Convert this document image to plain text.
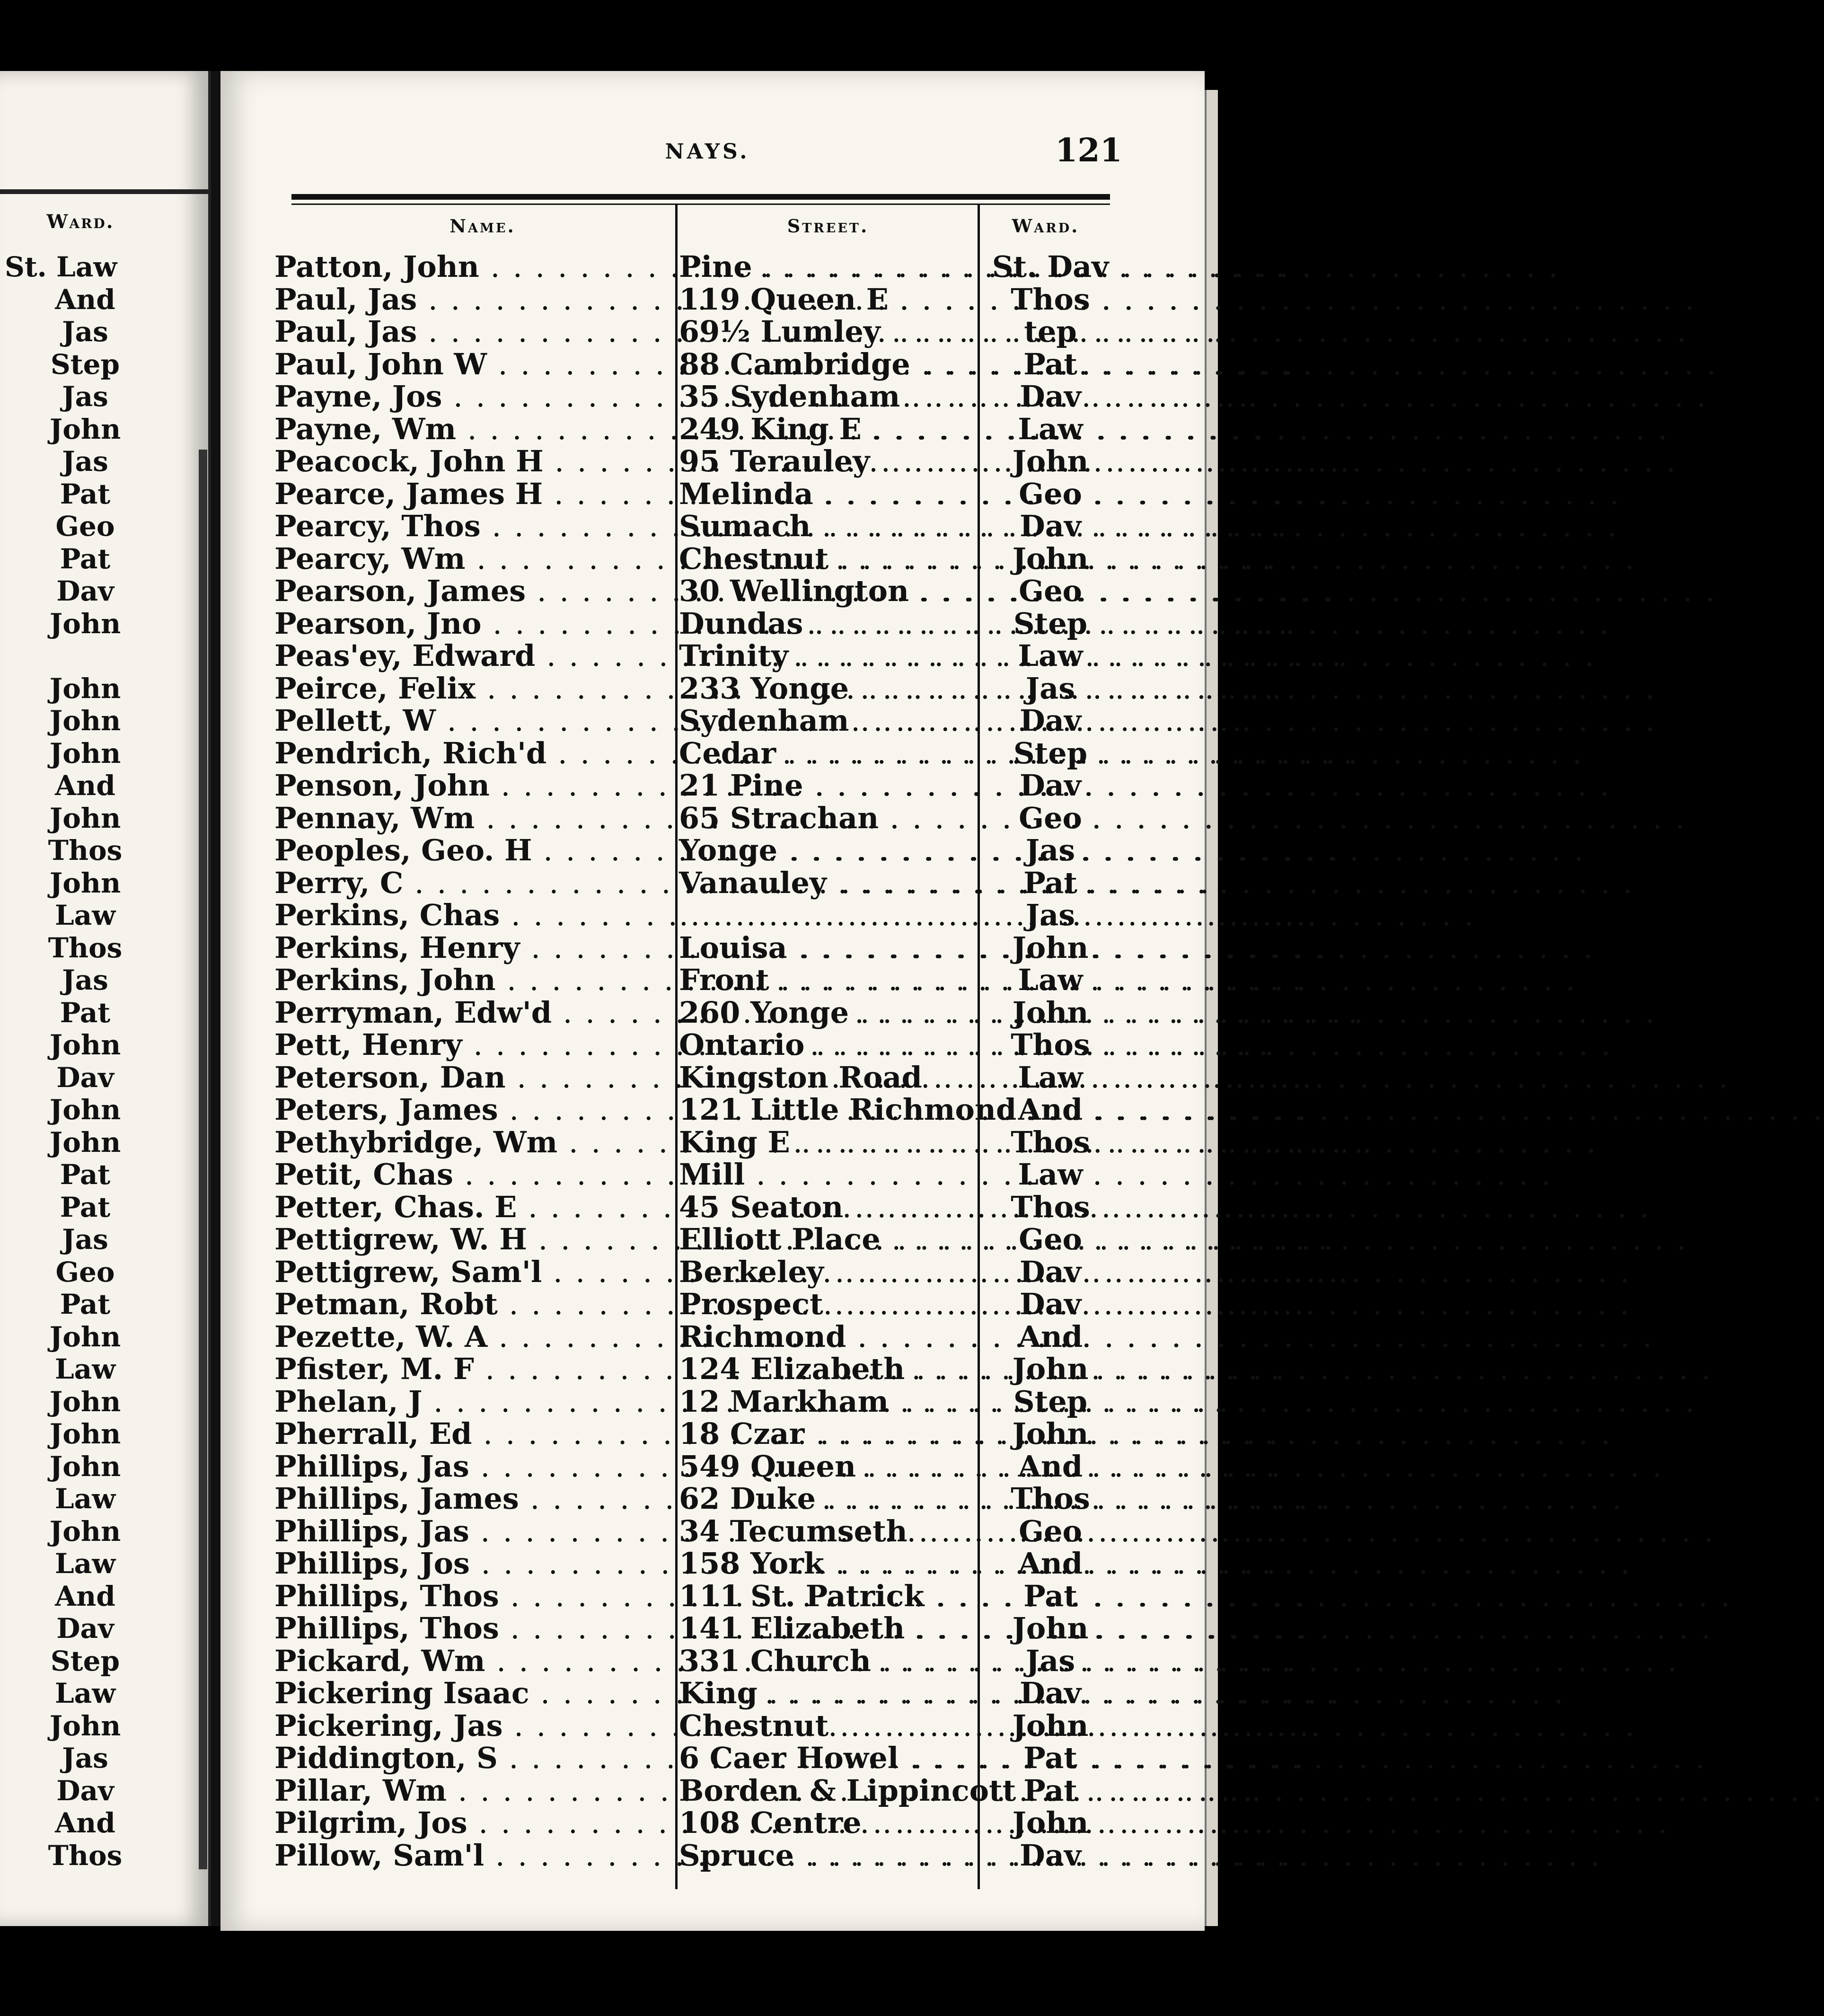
Ward.
St. Law
And
Jas
Step
Jas
John
Jas
Pat
Geo
Pat
Dav
John
John
John
John
And
John
Thos
John
Law
Thos
Jas
Pat
John
Dav
John
John
Pat
Pat
Jas
Geo
Pat
John
Law
John
John
John
Law
John
Law
And
Dav
Step
Law
John
Jas
Dav
And
Thos
NAYS.	121
Name.	Street.	Ward.
Patton, John . . .	Pine . . .	St. Dav
Paul, Jas . . .	119 Queen E . . .	Thos
Paul, Jas . . .	69½ Lumley . . .	tep
Paul, John W . . .	88 Cambridge . . .	Pat
Payne, Jos . . .	35 Sydenham . . .	Dav
Payne, Wm . . .	249 King E . . .	Law
Peacock, John H . . .	95 Terauley . . .	John
Pearce, James H . . .	Melinda . . .	Geo
Pearcy, Thos . . .	Sumach . . .	Dav
Pearcy, Wm . . .	Chestnut . . .	John
Pearson, James . . .	30 Wellington . . .	Geo
Pearson, Jno . . .	Dundas . . .	Step
Peas'ey, Edward . . .	Trinity . . .	Law
Peirce, Felix . . .	233 Yonge . . .	Jas
Pellett, W . . .	Sydenham . . .	Dav
Pendrich, Rich'd . . .	Cedar . . .	Step
Penson, John . . .	21 Pine . . .	Dav
Pennay, Wm . . .	65 Strachan . . .	Geo
Peoples, Geo. H . . .	Yonge . . .	Jas
Perry, C . . .	Vanauley . . .	Pat
Perkins, Chas . . .
. . .	Jas
Perkins, Henry . . .	Louisa . . .	John
Perkins, John . . .	Front . . .	Law
Perryman, Edw'd . . .	260 Yonge . . .	John
Pett, Henry . . .	Ontario . . .	Thos
Peterson, Dan . . .	Kingston Road . . .	Law
Peters, James . . .	121 Little Richmond . . . And
Pethybridge, Wm . . .	King E . . .	Thos
Petit, Chas . . .	Mill . . .	Law
Petter, Chas. E . . .	45 Seaton . . .	Thos
Pettigrew, W. H . . .	Elliott Place . . .	Geo
Pettigrew, Sam'l . . .	Berkeley . . .	Dav
Petman, Robt . . .	Prospect . . .	Dav
Pezette, W. A . . .	Richmond . . .	And
Pfister, M. F . . .	124 Elizabeth . . .	John
Phelan, J . . .	12 Markham . . .	Step
Pherrall, Ed . . .	18 Czar . . .	John
Phillips, Jas . . .	549 Queen . . .	And
Phillips, James . . .	62 Duke . . .	Thos
Phillips, Jas . . .	34 Tecumseth . . .	Geo
Phillips, Jos . . .	158 York . . .	And
Phillips, Thos . . .	111 St. Patrick . . .	Pat
Phillips, Thos . . .	141 Elizabeth . . .	John
Pickard, Wm . . .	331 Church . . .	Jas
Pickering Isaac . . .	King . . .	Dav
Pickering, Jas . . .	Chestnut . . .	John
Piddington, S . . .	6 Caer Howel . . .	Pat
Pillar, Wm . . .	Borden & Lippincott . . . Pat
Pilgrim, Jos . . .	108 Centre . . .	John
Pillow, Sam'l . . .	Spruce . . .	Dav
